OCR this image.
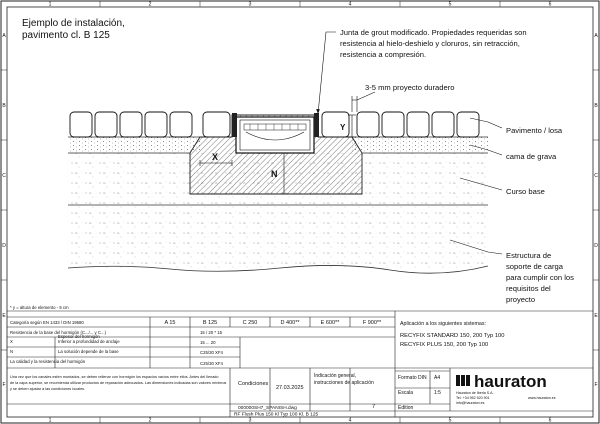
1	2	3	4	5	6
1	2	3	4	5	6
A
B
C
D
E
F
A
B
C
D
E
F
Ejemplo de instalación,
pavimento cl. B 125
X
N
Y
Junta de grout modificado. Propiedades requeridas son
resistencia al hielo-deshielo y cloruros, sin retracción,
resistencia a compresión.
3-5 mm proyecto duradero
Pavimento / losa
cama de grava
Curso base
Estructura de
soporte de carga
para cumplir con los
requisitos del
proyecto
* y = altura de elemento - 5 cm
Categoría según EN 1433 / DIN 19580	A 15	B 125	C 250	D 400**	E 600**	F 900**
Resistencia de la base del hormigón (C.../... y C...)	15 / 20 * 15
X	Inferior a profundidad de anclaje	15 ... 20
N	La solución depende de la base	C25/30 XF4
La calidad y la resistencia del hormigón	C25/30 XF4
Espesor del hormigón
Una vez que los canales estén montados, se deben rellenar con hormigón los espacios vacíos entre ellos. Antes del llenado
de la capa superior, se recomienda utilizar productos de reparación adecuados. Las dimensiones indicadas son valores mínimos
y se deben ajustar a las condiciones locales.
Aplicación a los siguientes sistemas:
RECYFIX STANDARD 150, 200 Typ 100
RECYFIX PLUS 150, 200 Typ 100
Condiciones
27.03.2025
Indicación general,
instrucciones de aplicación
7
000000SH7_SPANISH.dwg
RF Flush Plus 150 Kl Typ 100 Kl. B 125
Formato DIN A4
Escala	1:5
Edition
hauraton
Hauraton de Iberia S.A.
Tel. +34 952 520 901
info@hauraton.es
www.hauraton.es
